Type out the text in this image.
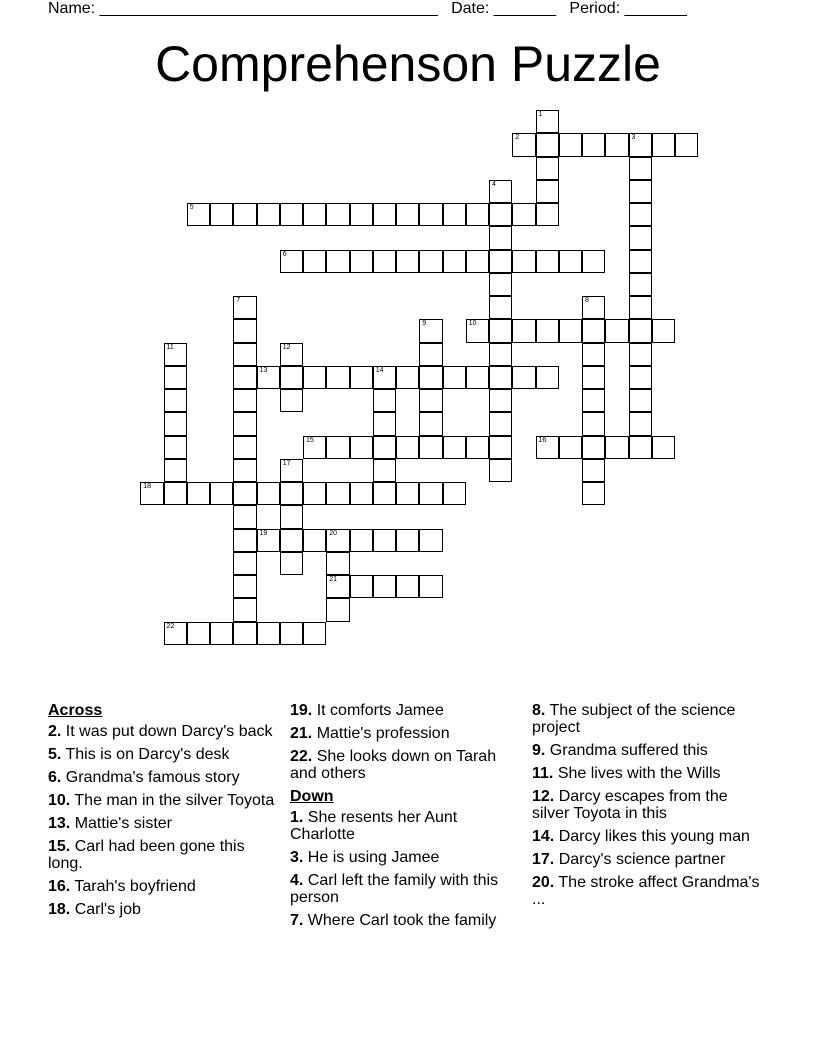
Name: ______________________________________ Date: _______ Period: _______
Comprehenson Puzzle
1
2	3
4
5
6
7	8
9	10
11	12
13	14
15	16
17
18
19	20
21
22
Across
2. It was put down Darcy's back
5. This is on Darcy's desk
6. Grandma's famous story
10. The man in the silver Toyota
13. Mattie's sister
15. Carl had been gone this long.
16. Tarah's boyfriend
18. Carl's job
19. It comforts Jamee
21. Mattie's profession
22. She looks down on Tarah and others
Down
1. She resents her Aunt Charlotte
3. He is using Jamee
4. Carl left the family with this person
7. Where Carl took the family
8. The subject of the science project
9. Grandma suffered this
11. She lives with the Wills
12. Darcy escapes from the silver Toyota in this
14. Darcy likes this young man
17. Darcy's science partner
20. The stroke affect Grandma's ...
